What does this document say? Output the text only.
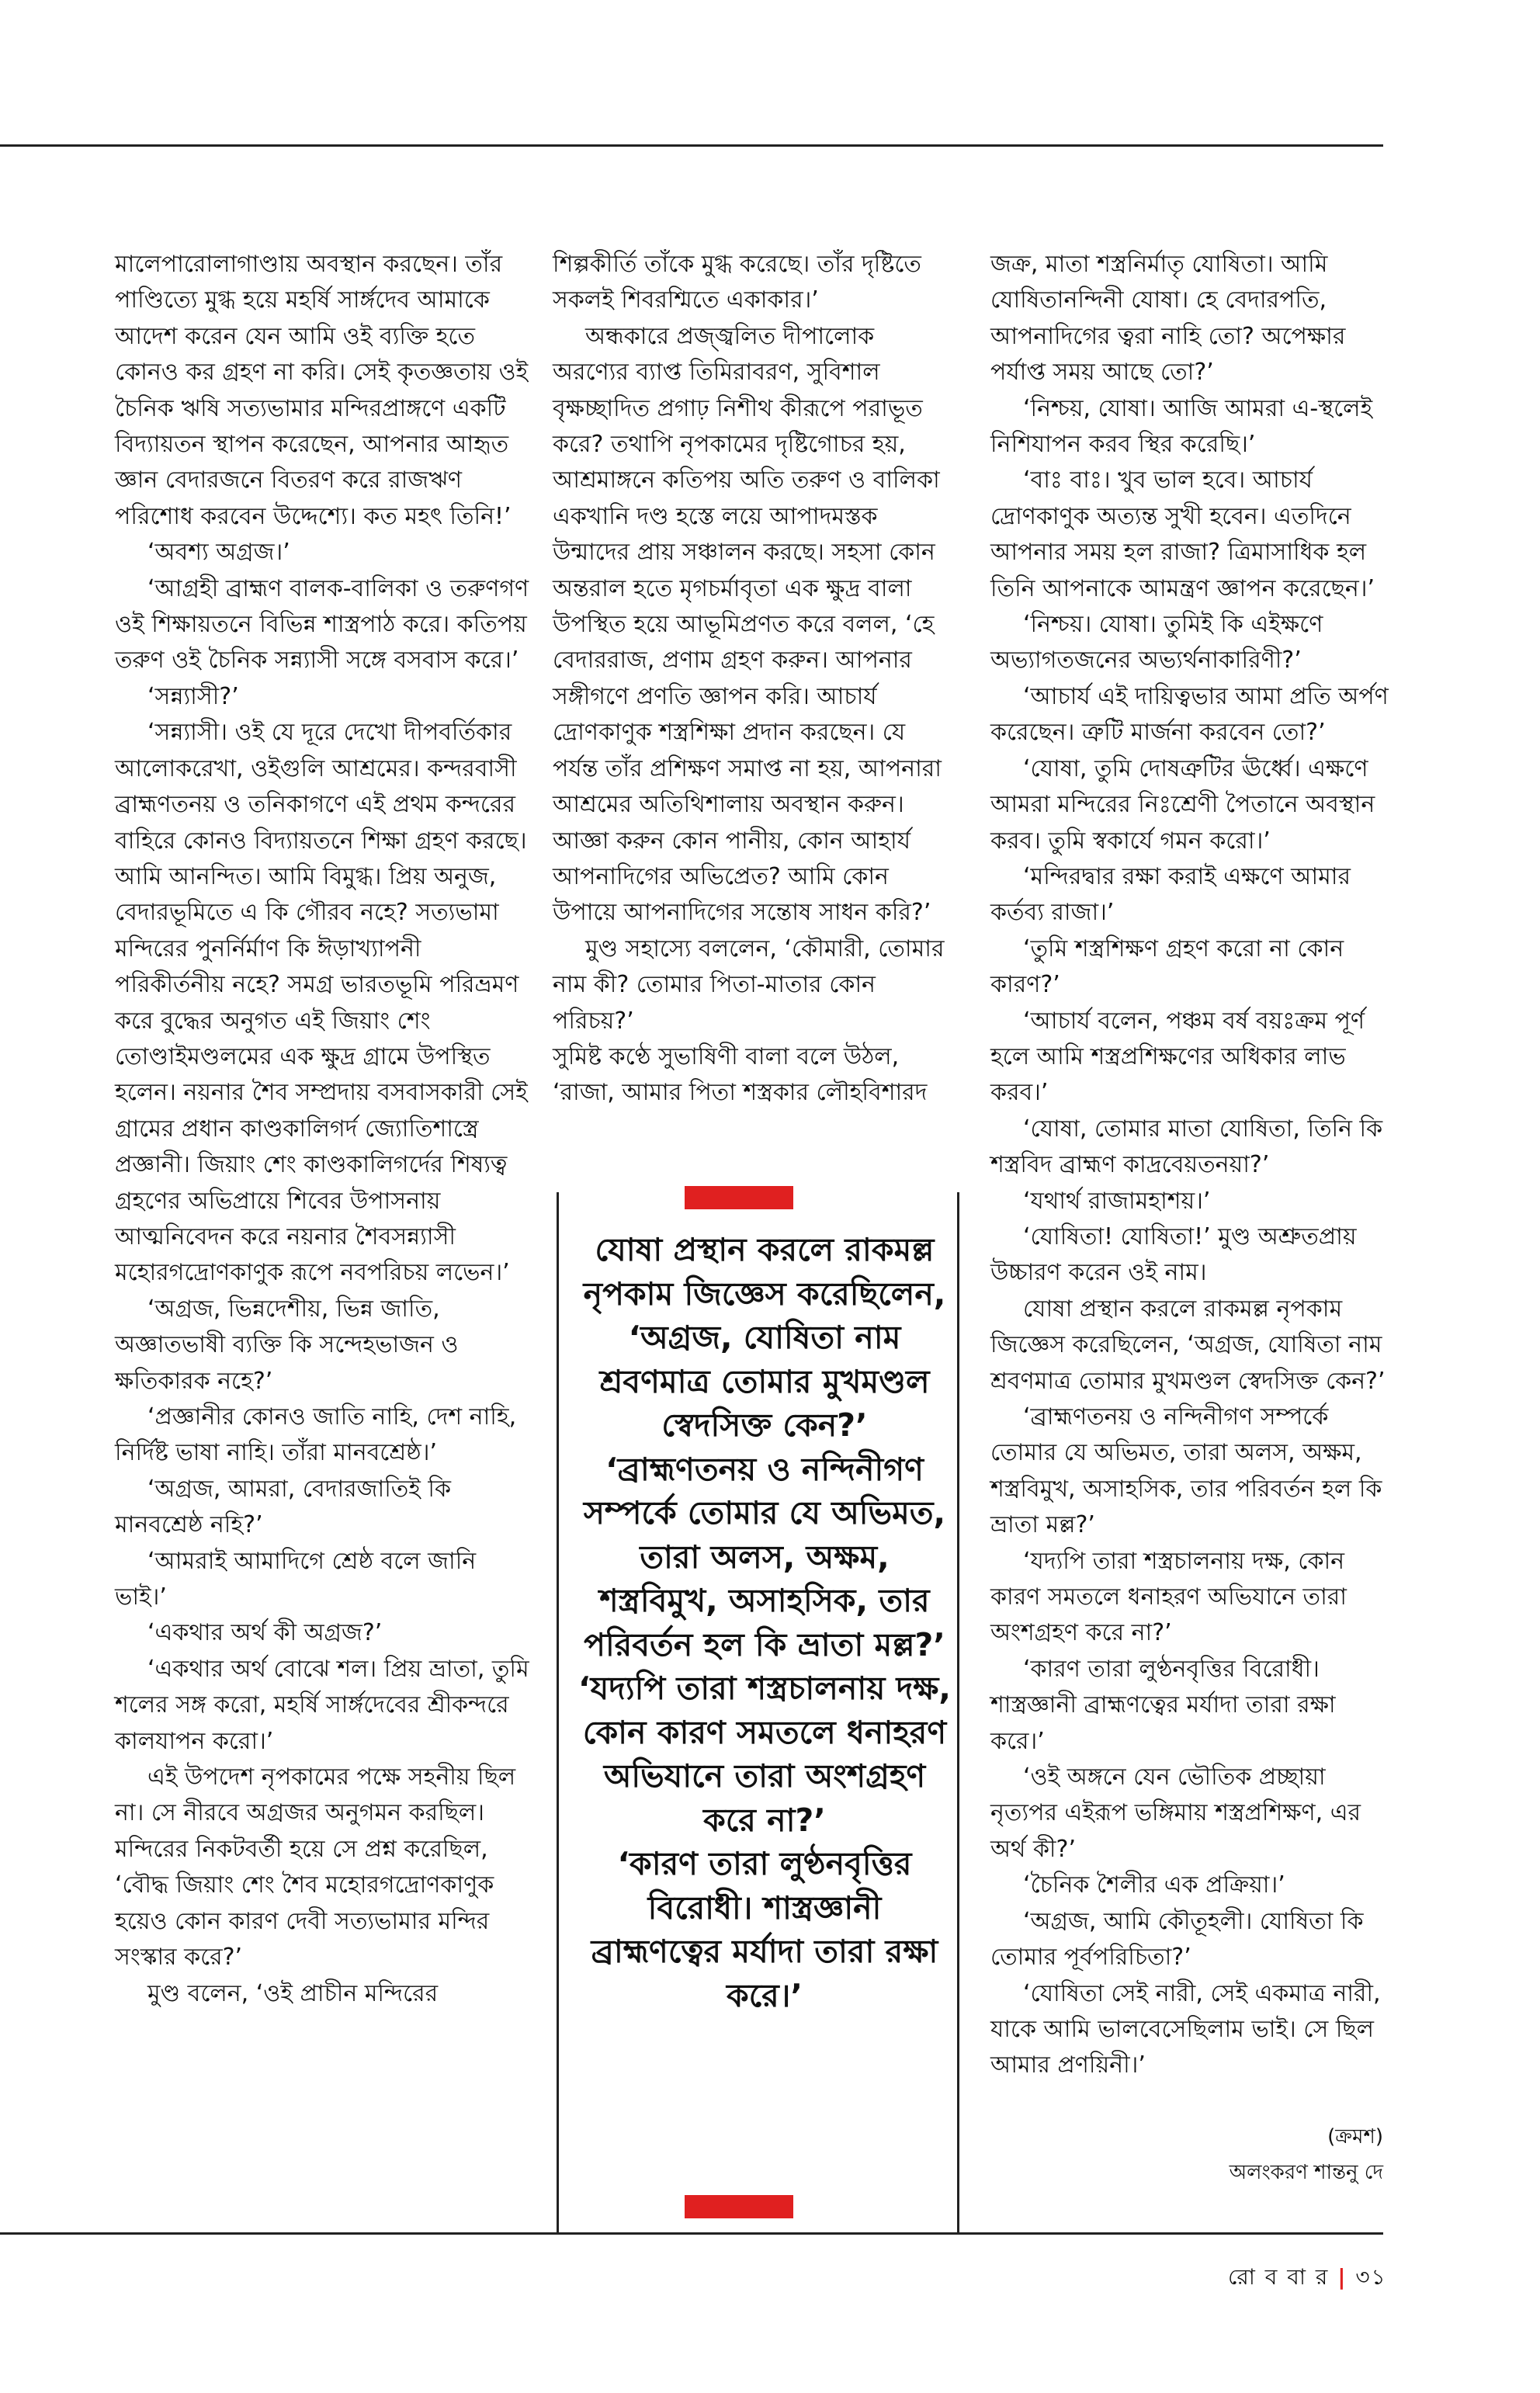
মালেপারোলাগাণ্ডায় অবস্থান করছেন। তাঁর পাণ্ডিত্যে মুগ্ধ হয়ে মহর্ষি সার্ঙ্গদেব আমাকে আদেশ করেন যেন আমি ওই ব্যক্তি হতে কোনও কর গ্রহণ না করি। সেই কৃতজ্ঞতায় ওই চৈনিক ঋষি সত্যভামার মন্দিরপ্রাঙ্গণে একটি বিদ্যায়তন স্থাপন করেছেন, আপনার আহৃত জ্ঞান বেদারজনে বিতরণ করে রাজঋণ পরিশোধ করবেন উদ্দেশ্যে। কত মহৎ তিনি!’

‘অবশ্য অগ্রজ।’

‘আগ্রহী ব্রাহ্মণ বালক-বালিকা ও তরুণগণ ওই শিক্ষায়তনে বিভিন্ন শাস্ত্রপাঠ করে। কতিপয় তরুণ ওই চৈনিক সন্ন্যাসী সঙ্গে বসবাস করে।’

‘সন্ন্যাসী?’

‘সন্ন্যাসী। ওই যে দূরে দেখো দীপবর্তিকার আলোকরেখা, ওইগুলি আশ্রমের। কন্দরবাসী ব্রাহ্মণতনয় ও তনিকাগণে এই প্রথম কন্দরের বাহিরে কোনও বিদ্যায়তনে শিক্ষা গ্রহণ করছে। আমি আনন্দিত। আমি বিমুগ্ধ। প্রিয় অনুজ, বেদারভূমিতে এ কি গৌরব নহে? সত্যভামা মন্দিরের পুনর্নির্মাণ কি ঈড়াখ্যাপনী পরিকীর্তনীয় নহে? সমগ্র ভারতভূমি পরিভ্রমণ করে বুদ্ধের অনুগত এই জিয়াং শেং তোণ্ডাইমণ্ডলমের এক ক্ষুদ্র গ্রামে উপস্থিত হলেন। নয়নার শৈব সম্প্রদায় বসবাসকারী সেই গ্রামের প্রধান কাণ্ডকালিগর্দ জ্যোতিশাস্ত্রে প্রজ্ঞানী। জিয়াং শেং কাণ্ডকালিগর্দের শিষ্যত্ব গ্রহণের অভিপ্রায়ে শিবের উপাসনায় আত্মনিবেদন করে নয়নার শৈবসন্ন্যাসী মহোরগদ্রোণকাণুক রূপে নবপরিচয় লভেন।’

‘অগ্রজ, ভিন্নদেশীয়, ভিন্ন জাতি, অজ্ঞাতভাষী ব্যক্তি কি সন্দেহভাজন ও ক্ষতিকারক নহে?’

‘প্রজ্ঞানীর কোনও জাতি নাহি, দেশ নাহি, নির্দিষ্ট ভাষা নাহি। তাঁরা মানবশ্রেষ্ঠ।’

‘অগ্রজ, আমরা, বেদারজাতিই কি মানবশ্রেষ্ঠ নহি?’

‘আমরাই আমাদিগে শ্রেষ্ঠ বলে জানি ভাই।’

‘একথার অর্থ কী অগ্রজ?’

‘একথার অর্থ বোঝে শল। প্রিয় ভ্রাতা, তুমি শলের সঙ্গ করো, মহর্ষি সার্ঙ্গদেবের শ্রীকন্দরে কালযাপন করো।’

এই উপদেশ নৃপকামের পক্ষে সহনীয় ছিল না। সে নীরবে অগ্রজর অনুগমন করছিল। মন্দিরের নিকটবর্তী হয়ে সে প্রশ্ন করেছিল, ‘বৌদ্ধ জিয়াং শেং শৈব মহোরগদ্রোণকাণুক হয়েও কোন কারণ দেবী সত্যভামার মন্দির সংস্কার করে?’

মুণ্ড বলেন, ‘ওই প্রাচীন মন্দিরের

শিল্পকীর্তি তাঁকে মুগ্ধ করেছে। তাঁর দৃষ্টিতে সকলই শিবরশ্মিতে একাকার।’

অন্ধকারে প্রজ্জ্বলিত দীপালোক অরণ্যের ব্যাপ্ত তিমিরাবরণ, সুবিশাল বৃক্ষচ্ছাদিত প্রগাঢ় নিশীথ কীরূপে পরাভূত করে? তথাপি নৃপকামের দৃষ্টিগোচর হয়, আশ্রমাঙ্গনে কতিপয় অতি তরুণ ও বালিকা একখানি দণ্ড হস্তে লয়ে আপাদমস্তক উন্মাদের প্রায় সঞ্চালন করছে। সহসা কোন অন্তরাল হতে মৃগচর্মাবৃতা এক ক্ষুদ্র বালা উপস্থিত হয়ে আভূমিপ্রণত করে বলল, ‘হে বেদাররাজ, প্রণাম গ্রহণ করুন। আপনার সঙ্গীগণে প্রণতি জ্ঞাপন করি। আচার্য দ্রোণকাণুক শস্ত্রশিক্ষা প্রদান করছেন। যে পর্যন্ত তাঁর প্রশিক্ষণ সমাপ্ত না হয়, আপনারা আশ্রমের অতিথিশালায় অবস্থান করুন। আজ্ঞা করুন কোন পানীয়, কোন আহার্য আপনাদিগের অভিপ্রেত? আমি কোন উপায়ে আপনাদিগের সন্তোষ সাধন করি?’

মুণ্ড সহাস্যে বললেন, ‘কৌমারী, তোমার নাম কী? তোমার পিতা-মাতার কোন পরিচয়?’

সুমিষ্ট কণ্ঠে সুভাষিণী বালা বলে উঠল, ‘রাজা, আমার পিতা শস্ত্রকার লৌহবিশারদ

জক্র, মাতা শস্ত্রনির্মাতৃ যোষিতা। আমি যোষিতানন্দিনী যোষা। হে বেদারপতি, আপনাদিগের ত্বরা নাহি তো? অপেক্ষার পর্যাপ্ত সময় আছে তো?’

‘নিশ্চয়, যোষা। আজি আমরা এ-স্থলেই নিশিযাপন করব স্থির করেছি।’

‘বাঃ বাঃ। খুব ভাল হবে। আচার্য দ্রোণকাণুক অত্যন্ত সুখী হবেন। এতদিনে আপনার সময় হল রাজা? ত্রিমাসাধিক হল তিনি আপনাকে আমন্ত্রণ জ্ঞাপন করেছেন।’

‘নিশ্চয়। যোষা। তুমিই কি এইক্ষণে অভ্যাগতজনের অভ্যর্থনাকারিণী?’

‘আচার্য এই দায়িত্বভার আমা প্রতি অর্পণ করেছেন। ত্রুটি মার্জনা করবেন তো?’

‘যোষা, তুমি দোষত্রুটির ঊর্ধ্বে। এক্ষণে আমরা মন্দিরের নিঃশ্রেণী পৈতানে অবস্থান করব। তুমি স্বকার্যে গমন করো।’

‘মন্দিরদ্বার রক্ষা করাই এক্ষণে আমার কর্তব্য রাজা।’

‘তুমি শস্ত্রশিক্ষণ গ্রহণ করো না কোন কারণ?’

‘আচার্য বলেন, পঞ্চম বর্ষ বয়ঃক্রম পূর্ণ হলে আমি শস্ত্রপ্রশিক্ষণের অধিকার লাভ করব।’

‘যোষা, তোমার মাতা যোষিতা, তিনি কি শস্ত্রবিদ ব্রাহ্মণ কাদ্রবেয়তনয়া?’

‘যথার্থ রাজামহাশয়।’

‘যোষিতা! যোষিতা!’ মুণ্ড অশ্রুতপ্রায় উচ্চারণ করেন ওই নাম।

যোষা প্রস্থান করলে রাকমল্ল নৃপকাম জিজ্ঞেস করেছিলেন, ‘অগ্রজ, যোষিতা নাম শ্রবণমাত্র তোমার মুখমণ্ডল স্বেদসিক্ত কেন?’

‘ব্রাহ্মণতনয় ও নন্দিনীগণ সম্পর্কে তোমার যে অভিমত, তারা অলস, অক্ষম, শস্ত্রবিমুখ, অসাহসিক, তার পরিবর্তন হল কি ভ্রাতা মল্ল?’

‘যদ্যপি তারা শস্ত্রচালনায় দক্ষ, কোন কারণ সমতলে ধনাহরণ অভিযানে তারা অংশগ্রহণ করে না?’

‘কারণ তারা লুণ্ঠনবৃত্তির বিরোধী। শাস্ত্রজ্ঞানী ব্রাহ্মণত্বের মর্যাদা তারা রক্ষা করে।’

‘ওই অঙ্গনে যেন ভৌতিক প্রচ্ছায়া নৃত্যপর এইরূপ ভঙ্গিমায় শস্ত্রপ্রশিক্ষণ, এর অর্থ কী?’

‘চৈনিক শৈলীর এক প্রক্রিয়া।’

‘অগ্রজ, আমি কৌতূহলী। যোষিতা কি তোমার পূর্বপরিচিতা?’

‘যোষিতা সেই নারী, সেই একমাত্র নারী, যাকে আমি ভালবেসেছিলাম ভাই। সে ছিল আমার প্রণয়িনী।’

যোষা প্রস্থান করলে রাকমল্ল নৃপকাম জিজ্ঞেস করেছিলেন, ‘অগ্রজ, যোষিতা নাম শ্রবণমাত্র তোমার মুখমণ্ডল স্বেদসিক্ত কেন?’

‘ব্রাহ্মণতনয় ও নন্দিনীগণ সম্পর্কে তোমার যে অভিমত, তারা অলস, অক্ষম, শস্ত্রবিমুখ, অসাহসিক, তার পরিবর্তন হল কি ভ্রাতা মল্ল?’

‘যদ্যপি তারা শস্ত্রচালনায় দক্ষ, কোন কারণ সমতলে ধনাহরণ অভিযানে তারা অংশগ্রহণ করে না?’

‘কারণ তারা লুণ্ঠনবৃত্তির বিরোধী। শাস্ত্রজ্ঞানী ব্রাহ্মণত্বের মর্যাদা তারা রক্ষা করে।’

(ক্রমশ)
অলংকরণ শান্তনু দে
রো ব বা র | ৩১
